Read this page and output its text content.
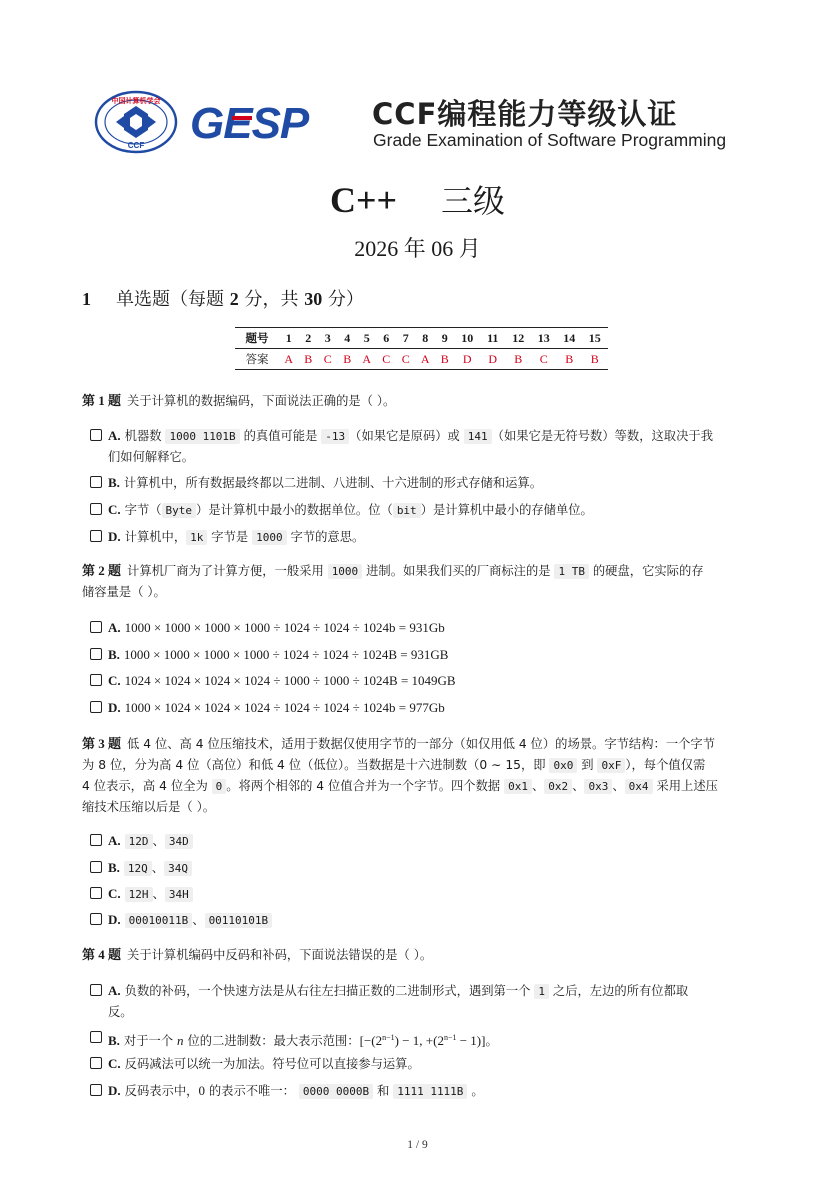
中国计算机学会
CCF GESP CCF编程能力等级认证
Grade Examination of Software Programming
C++ 三级
2026 年 06 月
1 单选题（每题 2 分，共 30 分）
题号	1	2	3	4	5	6	7	8	9	10	11	12	13	14	15
答案	A	B	C	B	A	C	C	A	B	D	D	B	C	B	B
第 1 题 关于计算机的数据编码，下面说法正确的是（ ）。
A. 机器数 1000 1101B 的真值可能是 -13 （如果它是原码）或 141 （如果它是无符号数）等数，这取决于我
们如何解释它。
B. 计算机中，所有数据最终都以二进制、八进制、十六进制的形式存储和运算。
C. 字节（ Byte ）是计算机中最小的数据单位。位（ bit ）是计算机中最小的存储单位。
D. 计算机中， 1k 字节是 1000 字节的意思。
第 2 题 计算机厂商为了计算方便，一般采用 1000 进制。如果我们买的厂商标注的是 1 TB 的硬盘，它实际的存
储容量是（ ）。
A. 1000 × 1000 × 1000 × 1000 ÷ 1024 ÷ 1024 ÷ 1024b = 931Gb
B. 1000 × 1000 × 1000 × 1000 ÷ 1024 ÷ 1024 ÷ 1024B = 931GB
C. 1024 × 1024 × 1024 × 1024 ÷ 1000 ÷ 1000 ÷ 1024B = 1049GB
D. 1000 × 1024 × 1024 × 1024 ÷ 1024 ÷ 1024 ÷ 1024b = 977Gb
第 3 题 低 4 位、高 4 位压缩技术，适用于数据仅使用字节的一部分（如仅用低 4 位）的场景。字节结构：一个字节
为 8 位，分为高 4 位（高位）和低 4 位（低位）。当数据是十六进制数（0 ∼ 15，即 0x0 到 0xF ），每个值仅需
4 位表示，高 4 位全为 0 。将两个相邻的 4 位值合并为一个字节。四个数据 0x1 、 0x2 、 0x3 、 0x4 采用上述压
缩技术压缩以后是（ ）。
A. 12D 、 34D
B. 12Q 、 34Q
C. 12H 、 34H
D. 00010011B 、 00110101B
第 4 题 关于计算机编码中反码和补码，下面说法错误的是（ ）。
A. 负数的补码，一个快速方法是从右往左扫描正数的二进制形式，遇到第一个 1 之后，左边的所有位都取
反。
B. 对于一个 n 位的二进制数：最大表示范围：[$-(2^{n-1}) - 1$, $+(2^{n-1} - 1)$]。
C. 反码减法可以统一为加法。符号位可以直接参与运算。
D. 反码表示中，0 的表示不唯一： 0000 0000B 和 1111 1111B 。
1 / 9
